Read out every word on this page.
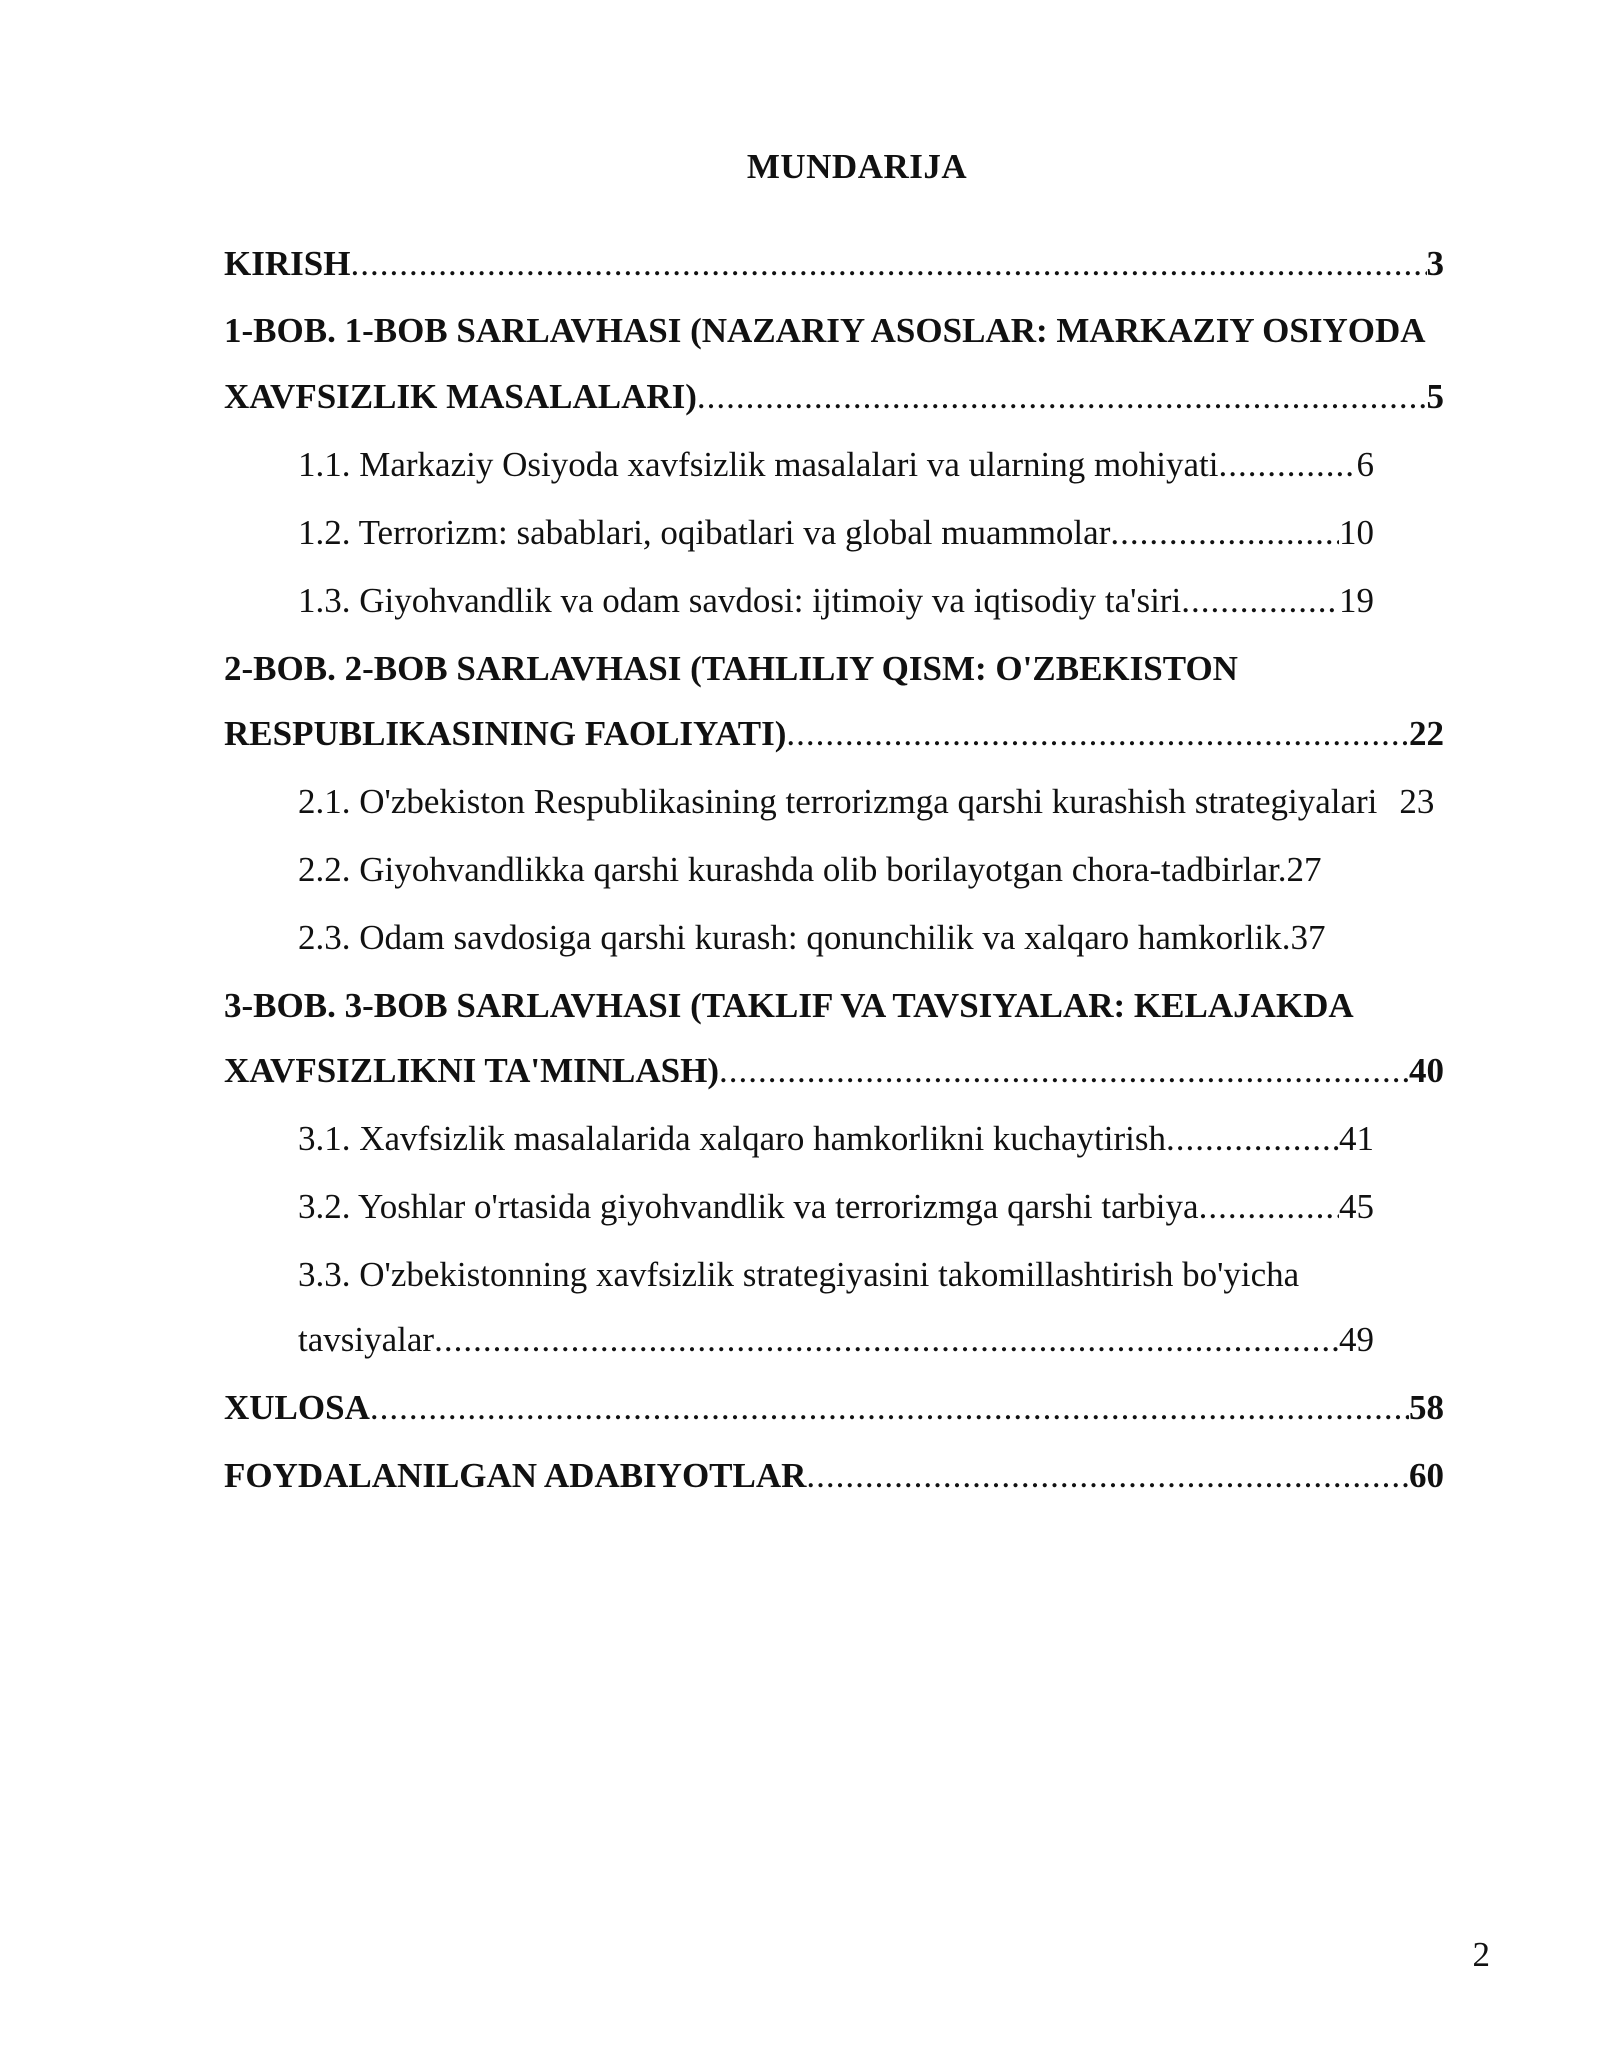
MUNDARIJA
KIRISH .....	3
1-BOB. 1-BOB SARLAVHASI (NAZARIY ASOSLAR: MARKAZIY OSIYODA
XAVFSIZLIK MASALALARI) .....	5
1.1. Markaziy Osiyoda xavfsizlik masalalari va ularning mohiyati .....	6
1.2. Terrorizm: sabablari, oqibatlari va global muammolar .....	10
1.3. Giyohvandlik va odam savdosi: ijtimoiy va iqtisodiy ta'siri .....	19
2-BOB. 2-BOB SARLAVHASI (TAHLILIY QISM: O'ZBEKISTON
RESPUBLIKASINING FAOLIYATI) .....	22
2.1. O'zbekiston Respublikasining terrorizmga qarshi kurashish strategiyalari 23
2.2. Giyohvandlikka qarshi kurashda olib borilayotgan chora-tadbirlar. 27
2.3. Odam savdosiga qarshi kurash: qonunchilik va xalqaro hamkorlik. 37
3-BOB. 3-BOB SARLAVHASI (TAKLIF VA TAVSIYALAR: KELAJAKDA
XAVFSIZLIKNI TA'MINLASH) .....	40
3.1. Xavfsizlik masalalarida xalqaro hamkorlikni kuchaytirish .....	41
3.2. Yoshlar o'rtasida giyohvandlik va terrorizmga qarshi tarbiya .....	45
3.3. O'zbekistonning xavfsizlik strategiyasini takomillashtirish bo'yicha
tavsiyalar .....	49
XULOSA .....	58
FOYDALANILGAN ADABIYOTLAR .....	60
2
